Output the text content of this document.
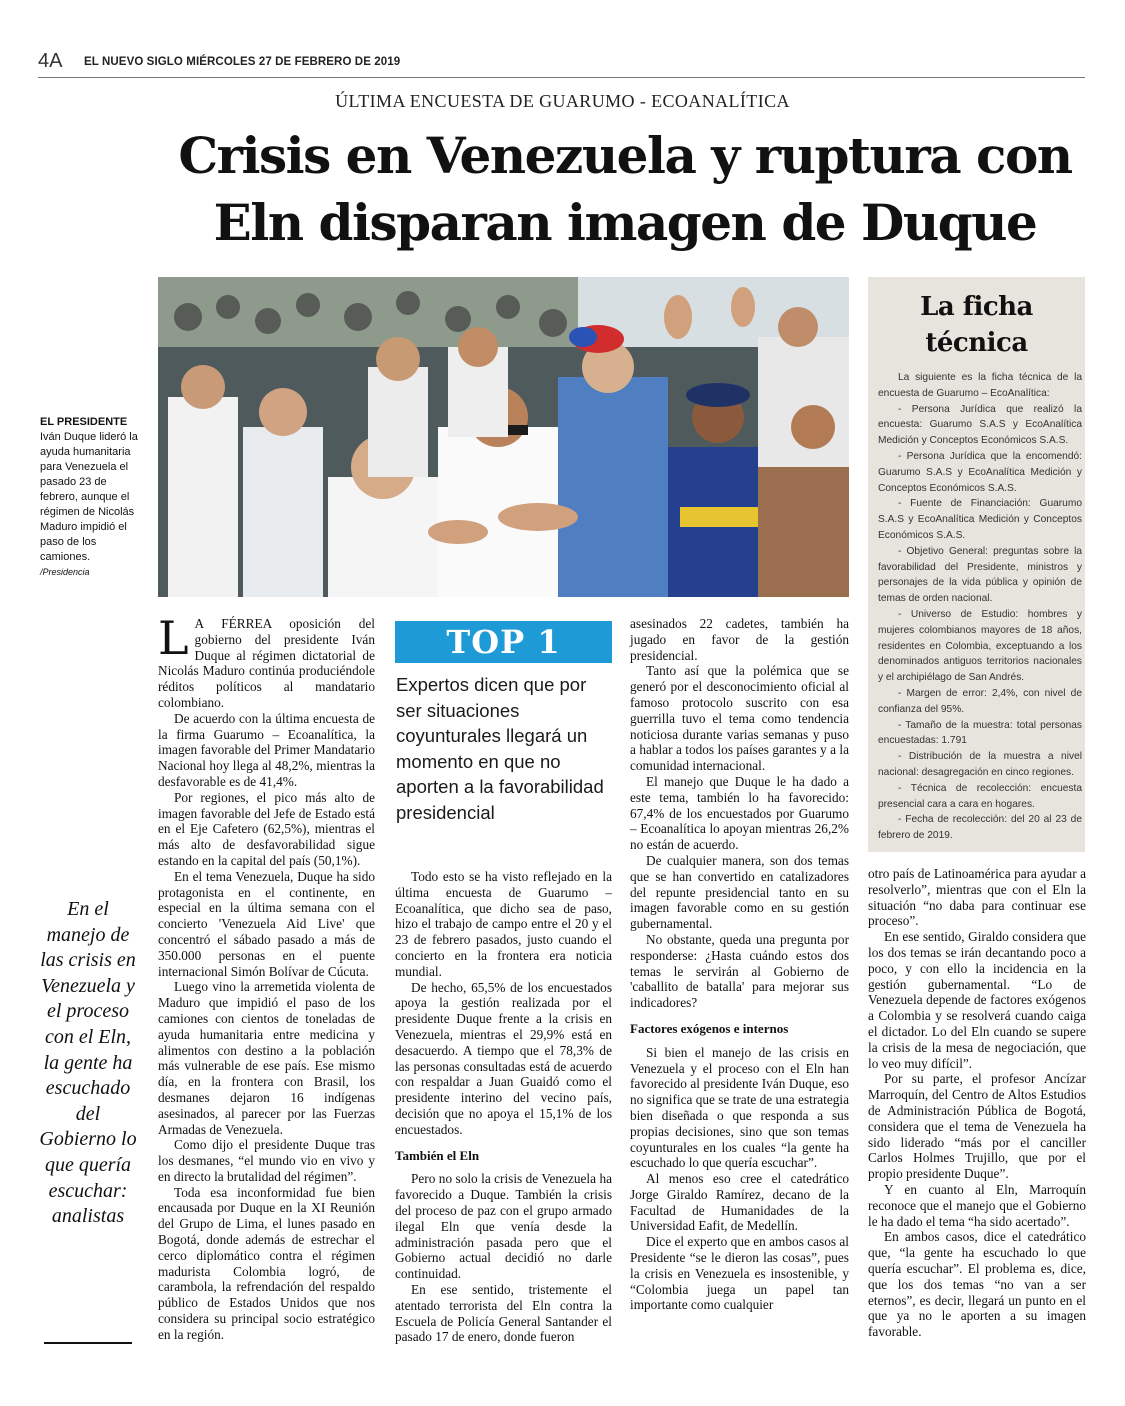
4A EL NUEVO SIGLO MIÉRCOLES 27 DE FEBRERO DE 2019
ÚLTIMA ENCUESTA DE GUARUMO - ECOANALÍTICA
Crisis en Venezuela y ruptura con
Eln disparan imagen de Duque
EL PRESIDENTE
Iván Duque lideró la ayuda humanitaria para Venezuela el pasado 23 de febrero, aunque el régimen de Nicolás Maduro impidió el paso de los camiones.
/Presidencia
La ficha
técnica

La siguiente es la ficha técnica de la encuesta de Guarumo – EcoAnalítica:

- Persona Jurídica que realizó la encuesta: Guarumo S.A.S y EcoAnalítica Medición y Conceptos Económicos S.A.S.

- Persona Jurídica que la encomendó: Guarumo S.A.S y EcoAnalítica Medición y Conceptos Económicos S.A.S.

- Fuente de Financiación: Guarumo S.A.S y EcoAnalítica Medición y Conceptos Económicos S.A.S.

- Objetivo General: preguntas sobre la favorabilidad del Presidente, ministros y personajes de la vida pública y opinión de temas de orden nacional.

- Universo de Estudio: hombres y mujeres colombianos mayores de 18 años, residentes en Colombia, exceptuando a los denominados antiguos territorios nacionales y el archipiélago de San Andrés.

- Margen de error: 2,4%, con nivel de confianza del 95%.

- Tamaño de la muestra: total personas encuestadas: 1.791

- Distribución de la muestra a nivel nacional: desagregación en cinco regiones.

- Técnica de recolección: encuesta presencial cara a cara en hogares.

- Fecha de recolección: del 20 al 23 de febrero de 2019.

L A FÉRREA oposición del gobierno del presidente Iván Duque al régimen dictatorial de Nicolás Maduro continúa produciéndole réditos políticos al mandatario colombiano.

De acuerdo con la última encuesta de la firma Guarumo – Ecoanalítica, la imagen favorable del Primer Mandatario Nacional hoy llega al 48,2%, mientras la desfavorable es de 41,4%.

Por regiones, el pico más alto de imagen favorable del Jefe de Estado está en el Eje Cafetero (62,5%), mientras el más alto de desfavorabilidad sigue estando en la capital del país (50,1%).

En el tema Venezuela, Duque ha sido protagonista en el continente, en especial en la última semana con el concierto 'Venezuela Aid Live' que concentró el sábado pasado a más de 350.000 personas en el puente internacional Simón Bolívar de Cúcuta.

Luego vino la arremetida violenta de Maduro que impidió el paso de los camiones con cientos de toneladas de ayuda humanitaria entre medicina y alimentos con destino a la población más vulnerable de ese país. Ese mismo día, en la frontera con Brasil, los desmanes dejaron 16 indígenas asesinados, al parecer por las Fuerzas Armadas de Venezuela.

Como dijo el presidente Duque tras los desmanes, “el mundo vio en vivo y en directo la brutalidad del régimen”.

Toda esa inconformidad fue bien encausada por Duque en la XI Reunión del Grupo de Lima, el lunes pasado en Bogotá, donde además de estrechar el cerco diplomático contra el régimen madurista Colombia logró, de carambola, la refrendación del respaldo público de Estados Unidos que nos considera su principal socio estratégico en la región.

TOP 1
Expertos dicen que por ser situaciones coyunturales llegará un momento en que no aporten a la favorabilidad presidencial

Todo esto se ha visto reflejado en la última encuesta de Guarumo – Ecoanalítica, que dicho sea de paso, hizo el trabajo de campo entre el 20 y el 23 de febrero pasados, justo cuando el concierto en la frontera era noticia mundial.

De hecho, 65,5% de los encuestados apoya la gestión realizada por el presidente Duque frente a la crisis en Venezuela, mientras el 29,9% está en desacuerdo. A tiempo que el 78,3% de las personas consultadas está de acuerdo con respaldar a Juan Guaidó como el presidente interino del vecino país, decisión que no apoya el 15,1% de los encuestados.

También el Eln

Pero no solo la crisis de Venezuela ha favorecido a Duque. También la crisis del proceso de paz con el grupo armado ilegal Eln que venía desde la administración pasada pero que el Gobierno actual decidió no darle continuidad.

En ese sentido, tristemente el atentado terrorista del Eln contra la Escuela de Policía General Santander el pasado 17 de enero, donde fueron

asesinados 22 cadetes, también ha jugado en favor de la gestión presidencial.

Tanto así que la polémica que se generó por el desconocimiento oficial al famoso protocolo suscrito con esa guerrilla tuvo el tema como tendencia noticiosa durante varias semanas y puso a hablar a todos los países garantes y a la comunidad internacional.

El manejo que Duque le ha dado a este tema, también lo ha favorecido: 67,4% de los encuestados por Guarumo – Ecoanalítica lo apoyan mientras 26,2% no están de acuerdo.

De cualquier manera, son dos temas que se han convertido en catalizadores del repunte presidencial tanto en su imagen favorable como en su gestión gubernamental.

No obstante, queda una pregunta por responderse: ¿Hasta cuándo estos dos temas le servirán al Gobierno de 'caballito de batalla' para mejorar sus indicadores?

Factores exógenos e internos

Si bien el manejo de las crisis en Venezuela y el proceso con el Eln han favorecido al presidente Iván Duque, eso no significa que se trate de una estrategia bien diseñada o que responda a sus propias decisiones, sino que son temas coyunturales en los cuales “la gente ha escuchado lo que quería escuchar”.

Al menos eso cree el catedrático Jorge Giraldo Ramírez, decano de la Facultad de Humanidades de la Universidad Eafit, de Medellín.

Dice el experto que en ambos casos al Presidente “se le dieron las cosas”, pues la crisis en Venezuela es insostenible, y “Colombia juega un papel tan importante como cualquier

otro país de Latinoamérica para ayudar a resolverlo”, mientras que con el Eln la situación “no daba para continuar ese proceso”.

En ese sentido, Giraldo considera que los dos temas se irán decantando poco a poco, y con ello la incidencia en la gestión gubernamental. “Lo de Venezuela depende de factores exógenos a Colombia y se resolverá cuando caiga el dictador. Lo del Eln cuando se supere la crisis de la mesa de negociación, que lo veo muy difícil”.

Por su parte, el profesor Ancízar Marroquín, del Centro de Altos Estudios de Administración Pública de Bogotá, considera que el tema de Venezuela ha sido liderado “más por el canciller Carlos Holmes Trujillo, que por el propio presidente Duque”.

Y en cuanto al Eln, Marroquín reconoce que el manejo que el Gobierno le ha dado el tema “ha sido acertado”.

En ambos casos, dice el catedrático que, “la gente ha escuchado lo que quería escuchar”. El problema es, dice, que los dos temas “no van a ser eternos”, es decir, llegará un punto en el que ya no le aporten a su imagen favorable.

En el manejo de las crisis en Venezuela y el proceso con el Eln, la gente ha escuchado del Gobierno lo que quería escuchar: analistas
